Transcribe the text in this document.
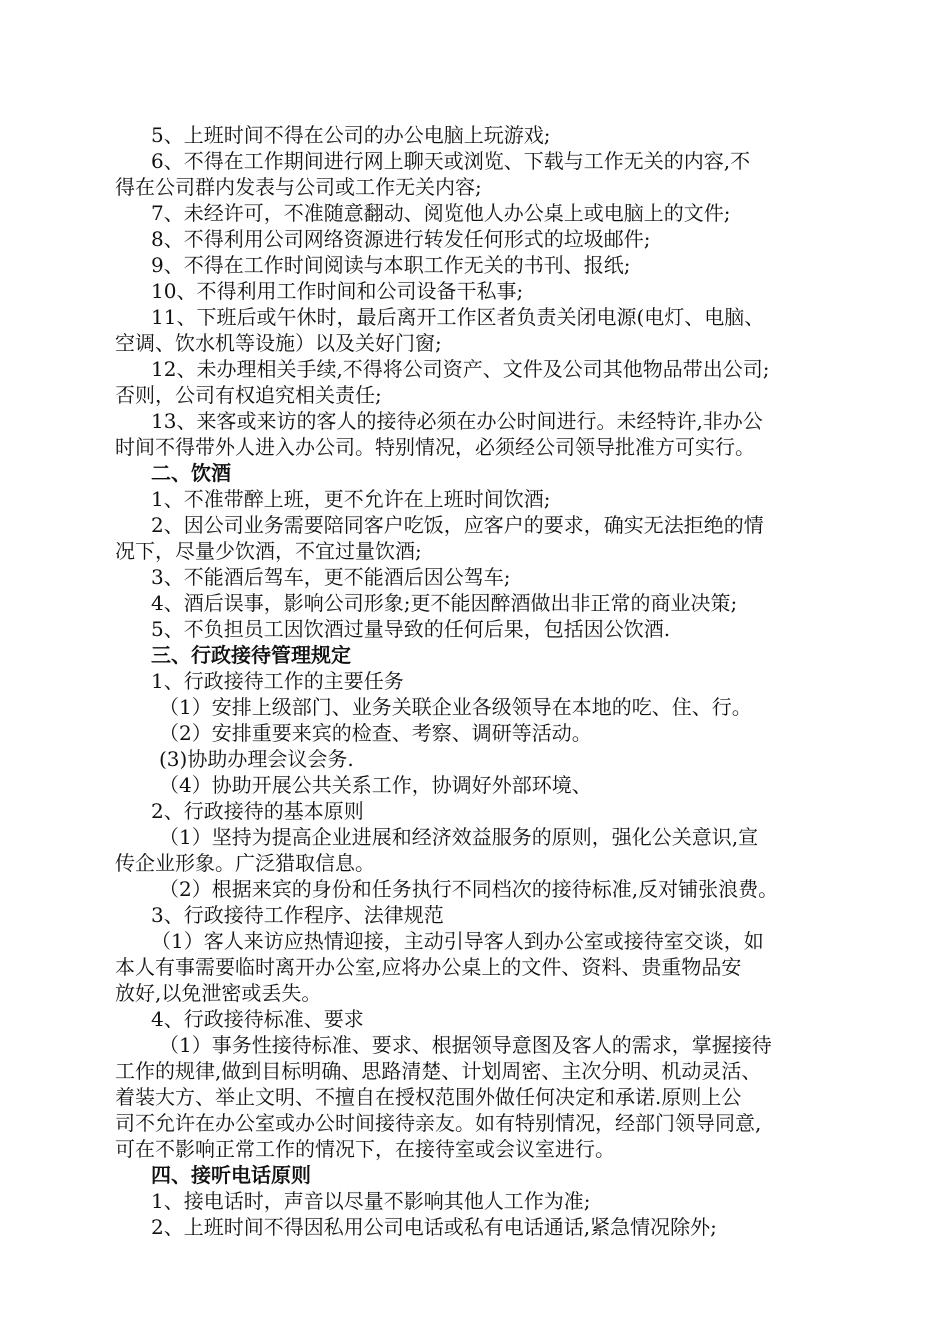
5、上班时间不得在公司的办公电脑上玩游戏;
6、不得在工作期间进行网上聊天或浏览、下载与工作无关的内容,不
得在公司群内发表与公司或工作无关内容;
7、未经许可，不准随意翻动、阅览他人办公桌上或电脑上的文件;
8、不得利用公司网络资源进行转发任何形式的垃圾邮件;
9、不得在工作时间阅读与本职工作无关的书刊、报纸;
10、不得利用工作时间和公司设备干私事;
11、下班后或午休时，最后离开工作区者负责关闭电源(电灯、电脑、
空调、饮水机等设施）以及关好门窗;
12、未办理相关手续,不得将公司资产、文件及公司其他物品带出公司;
否则，公司有权追究相关责任;
13、来客或来访的客人的接待必须在办公时间进行。未经特许,非办公
时间不得带外人进入办公司。特别情况，必须经公司领导批准方可实行。
二、饮酒
1、不准带醉上班，更不允许在上班时间饮酒;
2、因公司业务需要陪同客户吃饭，应客户的要求，确实无法拒绝的情
况下，尽量少饮酒，不宜过量饮酒;
3、不能酒后驾车，更不能酒后因公驾车;
4、酒后误事，影响公司形象;更不能因醉酒做出非正常的商业决策;
5、不负担员工因饮酒过量导致的任何后果，包括因公饮酒.
三、行政接待管理规定
1、行政接待工作的主要任务
（1）安排上级部门、业务关联企业各级领导在本地的吃、住、行。
（2）安排重要来宾的检查、考察、调研等活动。
(3)协助办理会议会务.
（4）协助开展公共关系工作，协调好外部环境、
2、行政接待的基本原则
（1）坚持为提高企业进展和经济效益服务的原则，强化公关意识,宣
传企业形象。广泛猎取信息。
（2）根据来宾的身份和任务执行不同档次的接待标准,反对铺张浪费。
3、行政接待工作程序、法律规范
（1）客人来访应热情迎接，主动引导客人到办公室或接待室交谈，如
本人有事需要临时离开办公室,应将办公桌上的文件、资料、贵重物品安
放好,以免泄密或丢失。
4、行政接待标准、要求
（1）事务性接待标准、要求、根据领导意图及客人的需求，掌握接待
工作的规律,做到目标明确、思路清楚、计划周密、主次分明、机动灵活、
着装大方、举止文明、不擅自在授权范围外做任何决定和承诺.原则上公
司不允许在办公室或办公时间接待亲友。如有特别情况，经部门领导同意,
可在不影响正常工作的情况下，在接待室或会议室进行。
四、接听电话原则
1、接电话时，声音以尽量不影响其他人工作为准;
2、上班时间不得因私用公司电话或私有电话通话,紧急情况除外;
